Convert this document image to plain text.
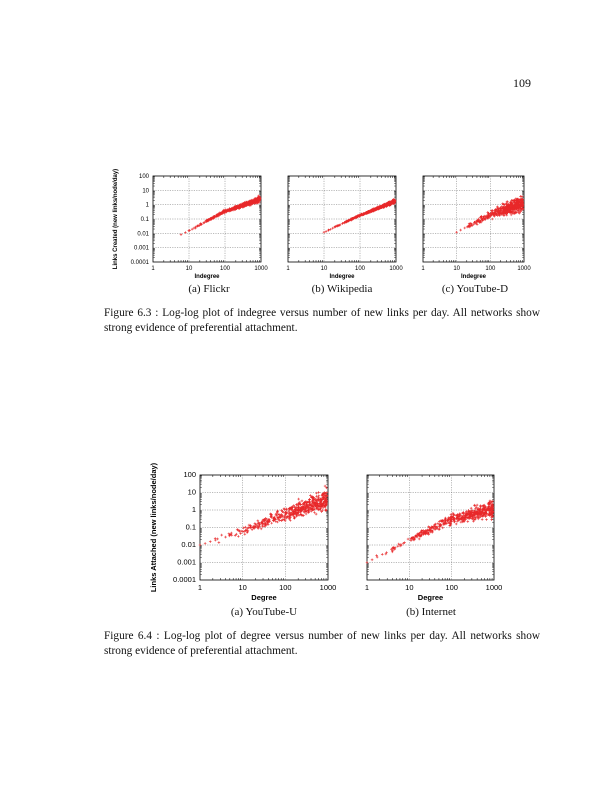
109
1	10	100	1000
0.0001
0.001
0.01
0.1
1
10
100
Indegree
Links Created (new links/node/day)	1	10	100	1000
Indegree
1	10	100	1000
Indegree
(a) Flickr	(b) Wikipedia	(c) YouTube-D
Figure 6.3 : Log-log plot of indegree versus number of new links per day. All networks show strong evidence of preferential attachment.
1	10	100	1000
0.0001
0.001
0.01
0.1
1
10
100
Degree
Links Attached (new links/node/day)	1	10	100	1000
Degree
(a) YouTube-U	(b) Internet
Figure 6.4 : Log-log plot of degree versus number of new links per day. All networks show strong evidence of preferential attachment.
